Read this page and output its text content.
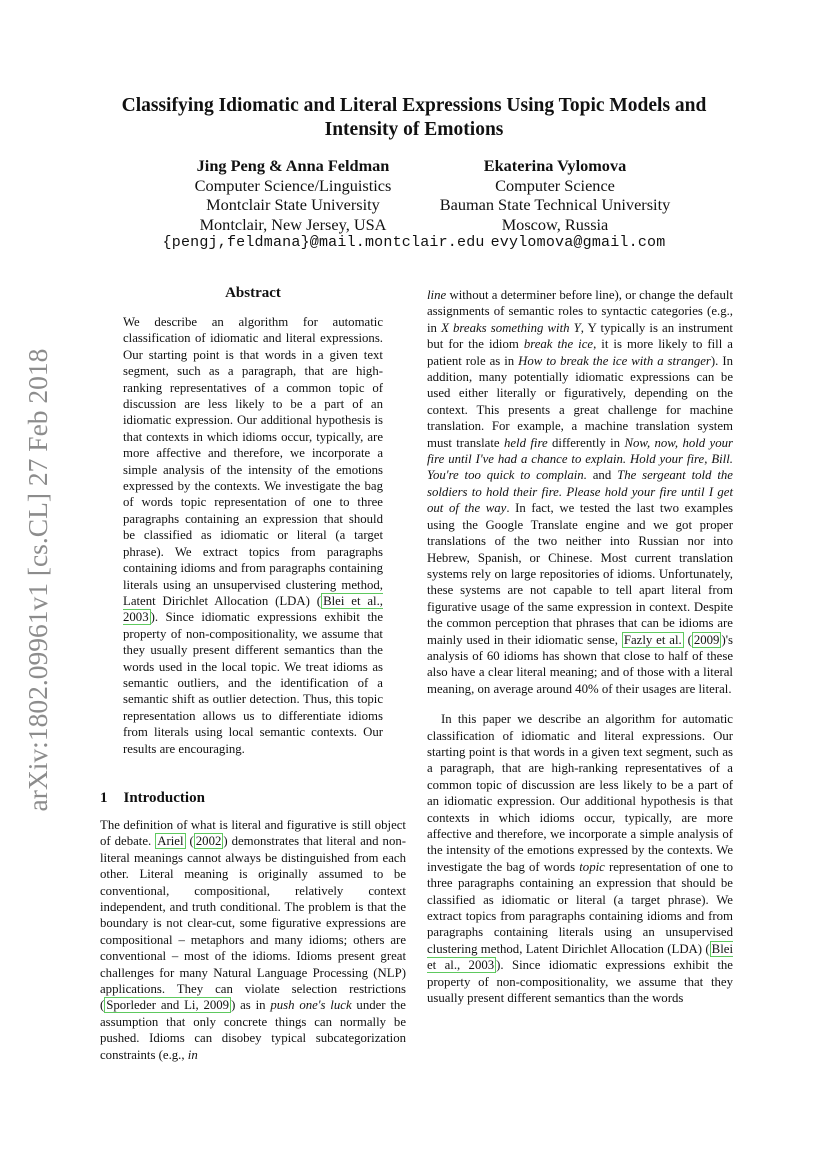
arXiv:1802.09961v1 [cs.CL] 27 Feb 2018
Classifying Idiomatic and Literal Expressions Using Topic Models and Intensity of Emotions
Jing Peng & Anna Feldman
Computer Science/Linguistics
Montclair State University
Montclair, New Jersey, USA
Ekaterina Vylomova
Computer Science
Bauman State Technical University
Moscow, Russia
{pengj,feldmana}@mail.montclair.edu evylomova@gmail.com
Abstract

We describe an algorithm for automatic classification of idiomatic and literal expressions. Our starting point is that words in a given text segment, such as a paragraph, that are high-ranking representatives of a common topic of discussion are less likely to be a part of an idiomatic expression. Our additional hypothesis is that contexts in which idioms occur, typically, are more affective and therefore, we incorporate a simple analysis of the intensity of the emotions expressed by the contexts. We investigate the bag of words topic representation of one to three paragraphs containing an expression that should be classified as idiomatic or literal (a target phrase). We extract topics from paragraphs containing idioms and from paragraphs containing literals using an unsupervised clustering method, Latent Dirichlet Allocation (LDA) ( Blei et al., 2003 ). Since idiomatic expressions exhibit the property of non-compositionality, we assume that they usually present different semantics than the words used in the local topic. We treat idioms as semantic outliers, and the identification of a semantic shift as outlier detection. Thus, this topic representation allows us to differentiate idioms from literals using local semantic contexts. Our results are encouraging.

1 Introduction

The definition of what is literal and figurative is still object of debate. Ariel ( 2002 ) demonstrates that literal and non-literal meanings cannot always be distinguished from each other. Literal meaning is originally assumed to be conventional, compositional, relatively context independent, and truth conditional. The problem is that the boundary is not clear-cut, some figurative expressions are compositional – metaphors and many idioms; others are conventional – most of the idioms. Idioms present great challenges for many Natural Language Processing (NLP) applications. They can violate selection restrictions ( Sporleder and Li, 2009 ) as in push one's luck under the assumption that only concrete things can normally be pushed. Idioms can disobey typical subcategorization constraints (e.g., in

line without a determiner before line), or change the default assignments of semantic roles to syntactic categories (e.g., in X breaks something with Y, Y typically is an instrument but for the idiom break the ice, it is more likely to fill a patient role as in How to break the ice with a stranger). In addition, many potentially idiomatic expressions can be used either literally or figuratively, depending on the context. This presents a great challenge for machine translation. For example, a machine translation system must translate held fire differently in Now, now, hold your fire until I've had a chance to explain. Hold your fire, Bill. You're too quick to complain. and The sergeant told the soldiers to hold their fire. Please hold your fire until I get out of the way. In fact, we tested the last two examples using the Google Translate engine and we got proper translations of the two neither into Russian nor into Hebrew, Spanish, or Chinese. Most current translation systems rely on large repositories of idioms. Unfortunately, these systems are not capable to tell apart literal from figurative usage of the same expression in context. Despite the common perception that phrases that can be idioms are mainly used in their idiomatic sense, Fazly et al. ( 2009 )'s analysis of 60 idioms has shown that close to half of these also have a clear literal meaning; and of those with a literal meaning, on average around 40% of their usages are literal.

In this paper we describe an algorithm for automatic classification of idiomatic and literal expressions. Our starting point is that words in a given text segment, such as a paragraph, that are high-ranking representatives of a common topic of discussion are less likely to be a part of an idiomatic expression. Our additional hypothesis is that contexts in which idioms occur, typically, are more affective and therefore, we incorporate a simple analysis of the intensity of the emotions expressed by the contexts. We investigate the bag of words topic representation of one to three paragraphs containing an expression that should be classified as idiomatic or literal (a target phrase). We extract topics from paragraphs containing idioms and from paragraphs containing literals using an unsupervised clustering method, Latent Dirichlet Allocation (LDA) ( Blei et al., 2003 ). Since idiomatic expressions exhibit the property of non-compositionality, we assume that they usually present different semantics than the words
